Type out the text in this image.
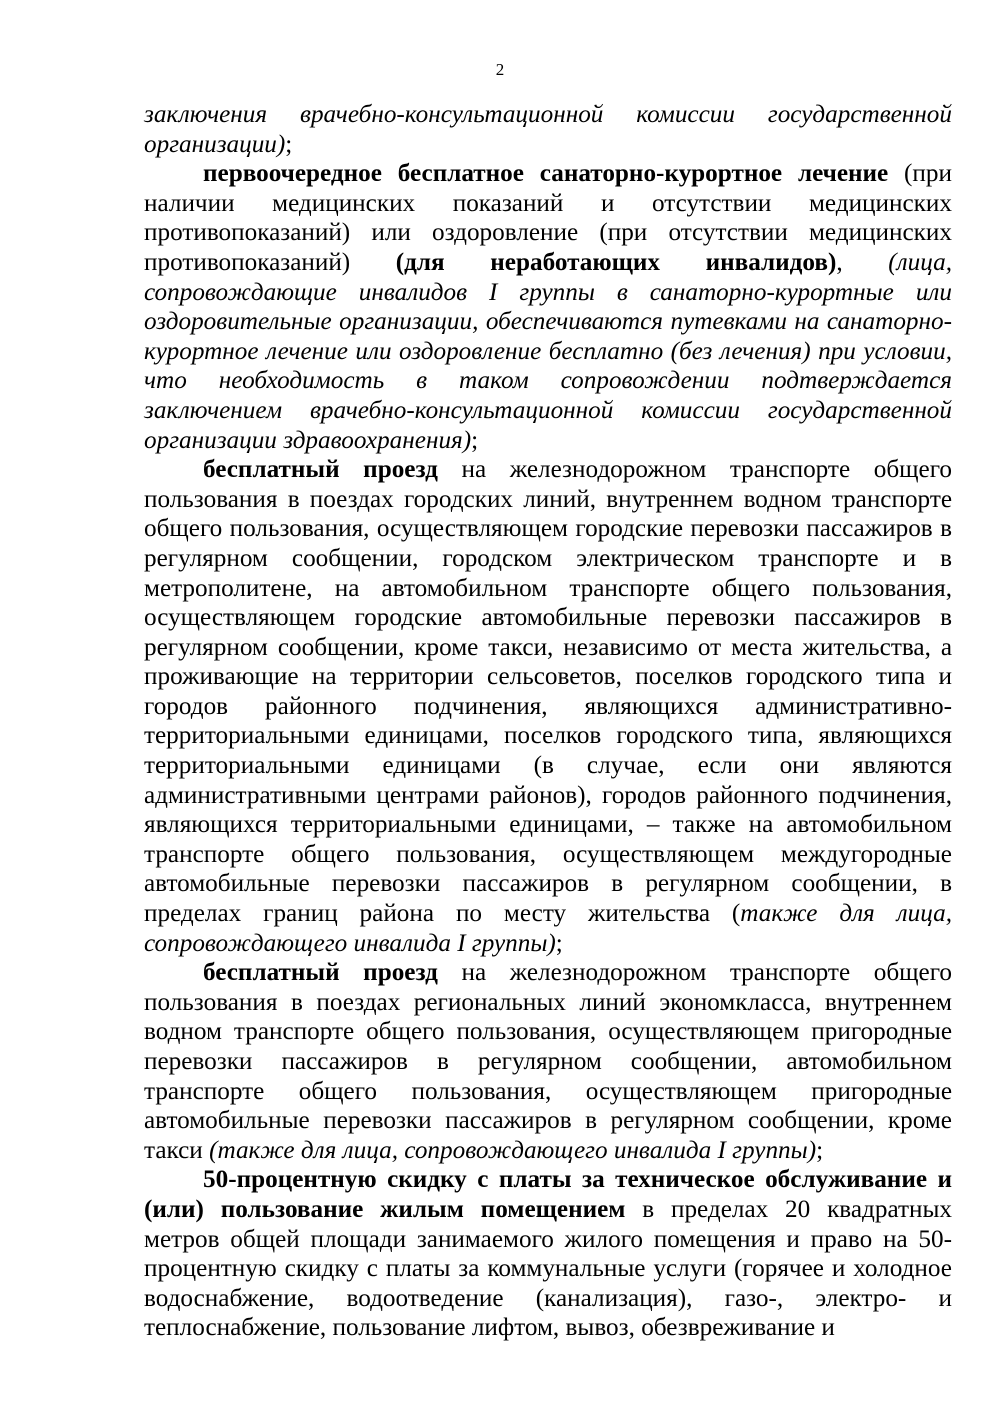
2

заключения врачебно-консультационной комиссии государственной организации);

первоочередное бесплатное санаторно-курортное лечение (при наличии медицинских показаний и отсутствии медицинских противопоказаний) или оздоровление (при отсутствии медицинских противопоказаний) (для неработающих инвалидов), (лица, сопровождающие инвалидов I группы в санаторно-курортные или оздоровительные организации, обеспечиваются путевками на санаторно-курортное лечение или оздоровление бесплатно (без лечения) при условии, что необходимость в таком сопровождении подтверждается заключением врачебно-консультационной комиссии государственной организации здравоохранения);

бесплатный проезд на железнодорожном транспорте общего пользования в поездах городских линий, внутреннем водном транспорте общего пользования, осуществляющем городские перевозки пассажиров в регулярном сообщении, городском электрическом транспорте и в метрополитене, на автомобильном транспорте общего пользования, осуществляющем городские автомобильные перевозки пассажиров в регулярном сообщении, кроме такси, независимо от места жительства, а проживающие на территории сельсоветов, поселков городского типа и городов районного подчинения, являющихся административно-территориальными единицами, поселков городского типа, являющихся территориальными единицами (в случае, если они являются административными центрами районов), городов районного подчинения, являющихся территориальными единицами, – также на автомобильном транспорте общего пользования, осуществляющем междугородные автомобильные перевозки пассажиров в регулярном сообщении, в пределах границ района по месту жительства (также для лица, сопровождающего инвалида I группы);

бесплатный проезд на железнодорожном транспорте общего пользования в поездах региональных линий экономкласса, внутреннем водном транспорте общего пользования, осуществляющем пригородные перевозки пассажиров в регулярном сообщении, автомобильном транспорте общего пользования, осуществляющем пригородные автомобильные перевозки пассажиров в регулярном сообщении, кроме такси (также для лица, сопровождающего инвалида I группы);

50-процентную скидку с платы за техническое обслуживание и (или) пользование жилым помещением в пределах 20 квадратных метров общей площади занимаемого жилого помещения и право на 50-процентную скидку с платы за коммунальные услуги (горячее и холодное водоснабжение, водоотведение (канализация), газо-, электро- и теплоснабжение, пользование лифтом, вывоз, обезвреживание и
